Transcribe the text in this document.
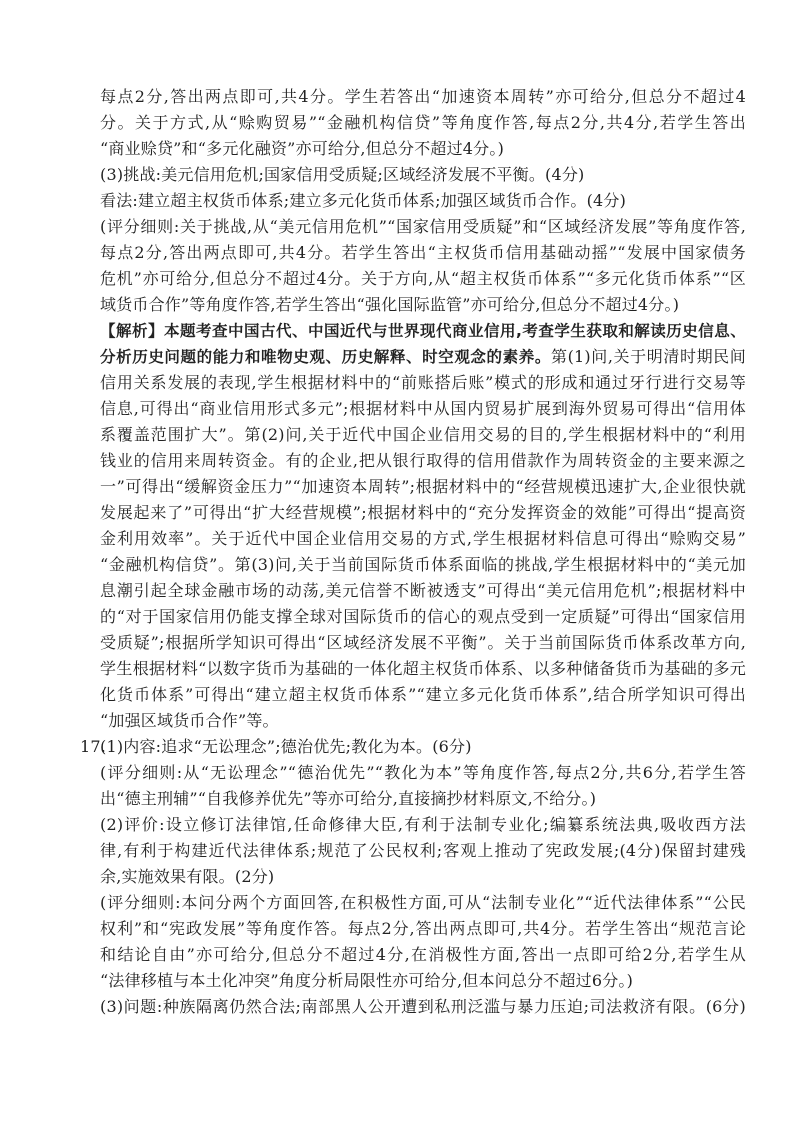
每点2分,答出两点即可,共4分。学生若答出“加速资本周转”亦可给分,但总分不超过4
分。关于方式,从“赊购贸易”“金融机构信贷”等角度作答,每点2分,共4分,若学生答出
“商业赊贷”和“多元化融资”亦可给分,但总分不超过4分。)
(3)挑战:美元信用危机;国家信用受质疑;区域经济发展不平衡。(4分)
看法:建立超主权货币体系;建立多元化货币体系;加强区域货币合作。(4分)
(评分细则:关于挑战,从“美元信用危机”“国家信用受质疑”和“区域经济发展”等角度作答,
每点2分,答出两点即可,共4分。若学生答出“主权货币信用基础动摇”“发展中国家债务
危机”亦可给分,但总分不超过4分。关于方向,从“超主权货币体系”“多元化货币体系”“区
域货币合作”等角度作答,若学生答出“强化国际监管”亦可给分,但总分不超过4分。)
【解析】本题考查中国古代、中国近代与世界现代商业信用,考查学生获取和解读历史信息、
分析历史问题的能力和唯物史观、历史解释、时空观念的素养。第(1)问,关于明清时期民间
信用关系发展的表现,学生根据材料中的“前账搭后账”模式的形成和通过牙行进行交易等
信息,可得出“商业信用形式多元”;根据材料中从国内贸易扩展到海外贸易可得出“信用体
系覆盖范围扩大”。第(2)问,关于近代中国企业信用交易的目的,学生根据材料中的“利用
钱业的信用来周转资金。有的企业,把从银行取得的信用借款作为周转资金的主要来源之
一”可得出“缓解资金压力”“加速资本周转”;根据材料中的“经营规模迅速扩大,企业很快就
发展起来了”可得出“扩大经营规模”;根据材料中的“充分发挥资金的效能”可得出“提高资
金利用效率”。关于近代中国企业信用交易的方式,学生根据材料信息可得出“赊购交易”
“金融机构信贷”。第(3)问,关于当前国际货币体系面临的挑战,学生根据材料中的“美元加
息潮引起全球金融市场的动荡,美元信誉不断被透支”可得出“美元信用危机”;根据材料中
的“对于国家信用仍能支撑全球对国际货币的信心的观点受到一定质疑”可得出“国家信用
受质疑”;根据所学知识可得出“区域经济发展不平衡”。关于当前国际货币体系改革方向,
学生根据材料“以数字货币为基础的一体化超主权货币体系、以多种储备货币为基础的多元
化货币体系”可得出“建立超主权货币体系”“建立多元化货币体系”,结合所学知识可得出
“加强区域货币合作”等。
17.
(1)内容:追求“无讼理念”;德治优先;教化为本。(6分)
(评分细则:从“无讼理念”“德治优先”“教化为本”等角度作答,每点2分,共6分,若学生答
出“德主刑辅”“自我修养优先”等亦可给分,直接摘抄材料原文,不给分。)
(2)评价:设立修订法律馆,任命修律大臣,有利于法制专业化;编纂系统法典,吸收西方法
律,有利于构建近代法律体系;规范了公民权利;客观上推动了宪政发展;(4分)保留封建残
余,实施效果有限。(2分)
(评分细则:本问分两个方面回答,在积极性方面,可从“法制专业化”“近代法律体系”“公民
权利”和“宪政发展”等角度作答。每点2分,答出两点即可,共4分。若学生答出“规范言论
和结论自由”亦可给分,但总分不超过4分,在消极性方面,答出一点即可给2分,若学生从
“法律移植与本土化冲突”角度分析局限性亦可给分,但本问总分不超过6分。)
(3)问题:种族隔离仍然合法;南部黑人公开遭到私刑泛滥与暴力压迫;司法救济有限。(6分)
